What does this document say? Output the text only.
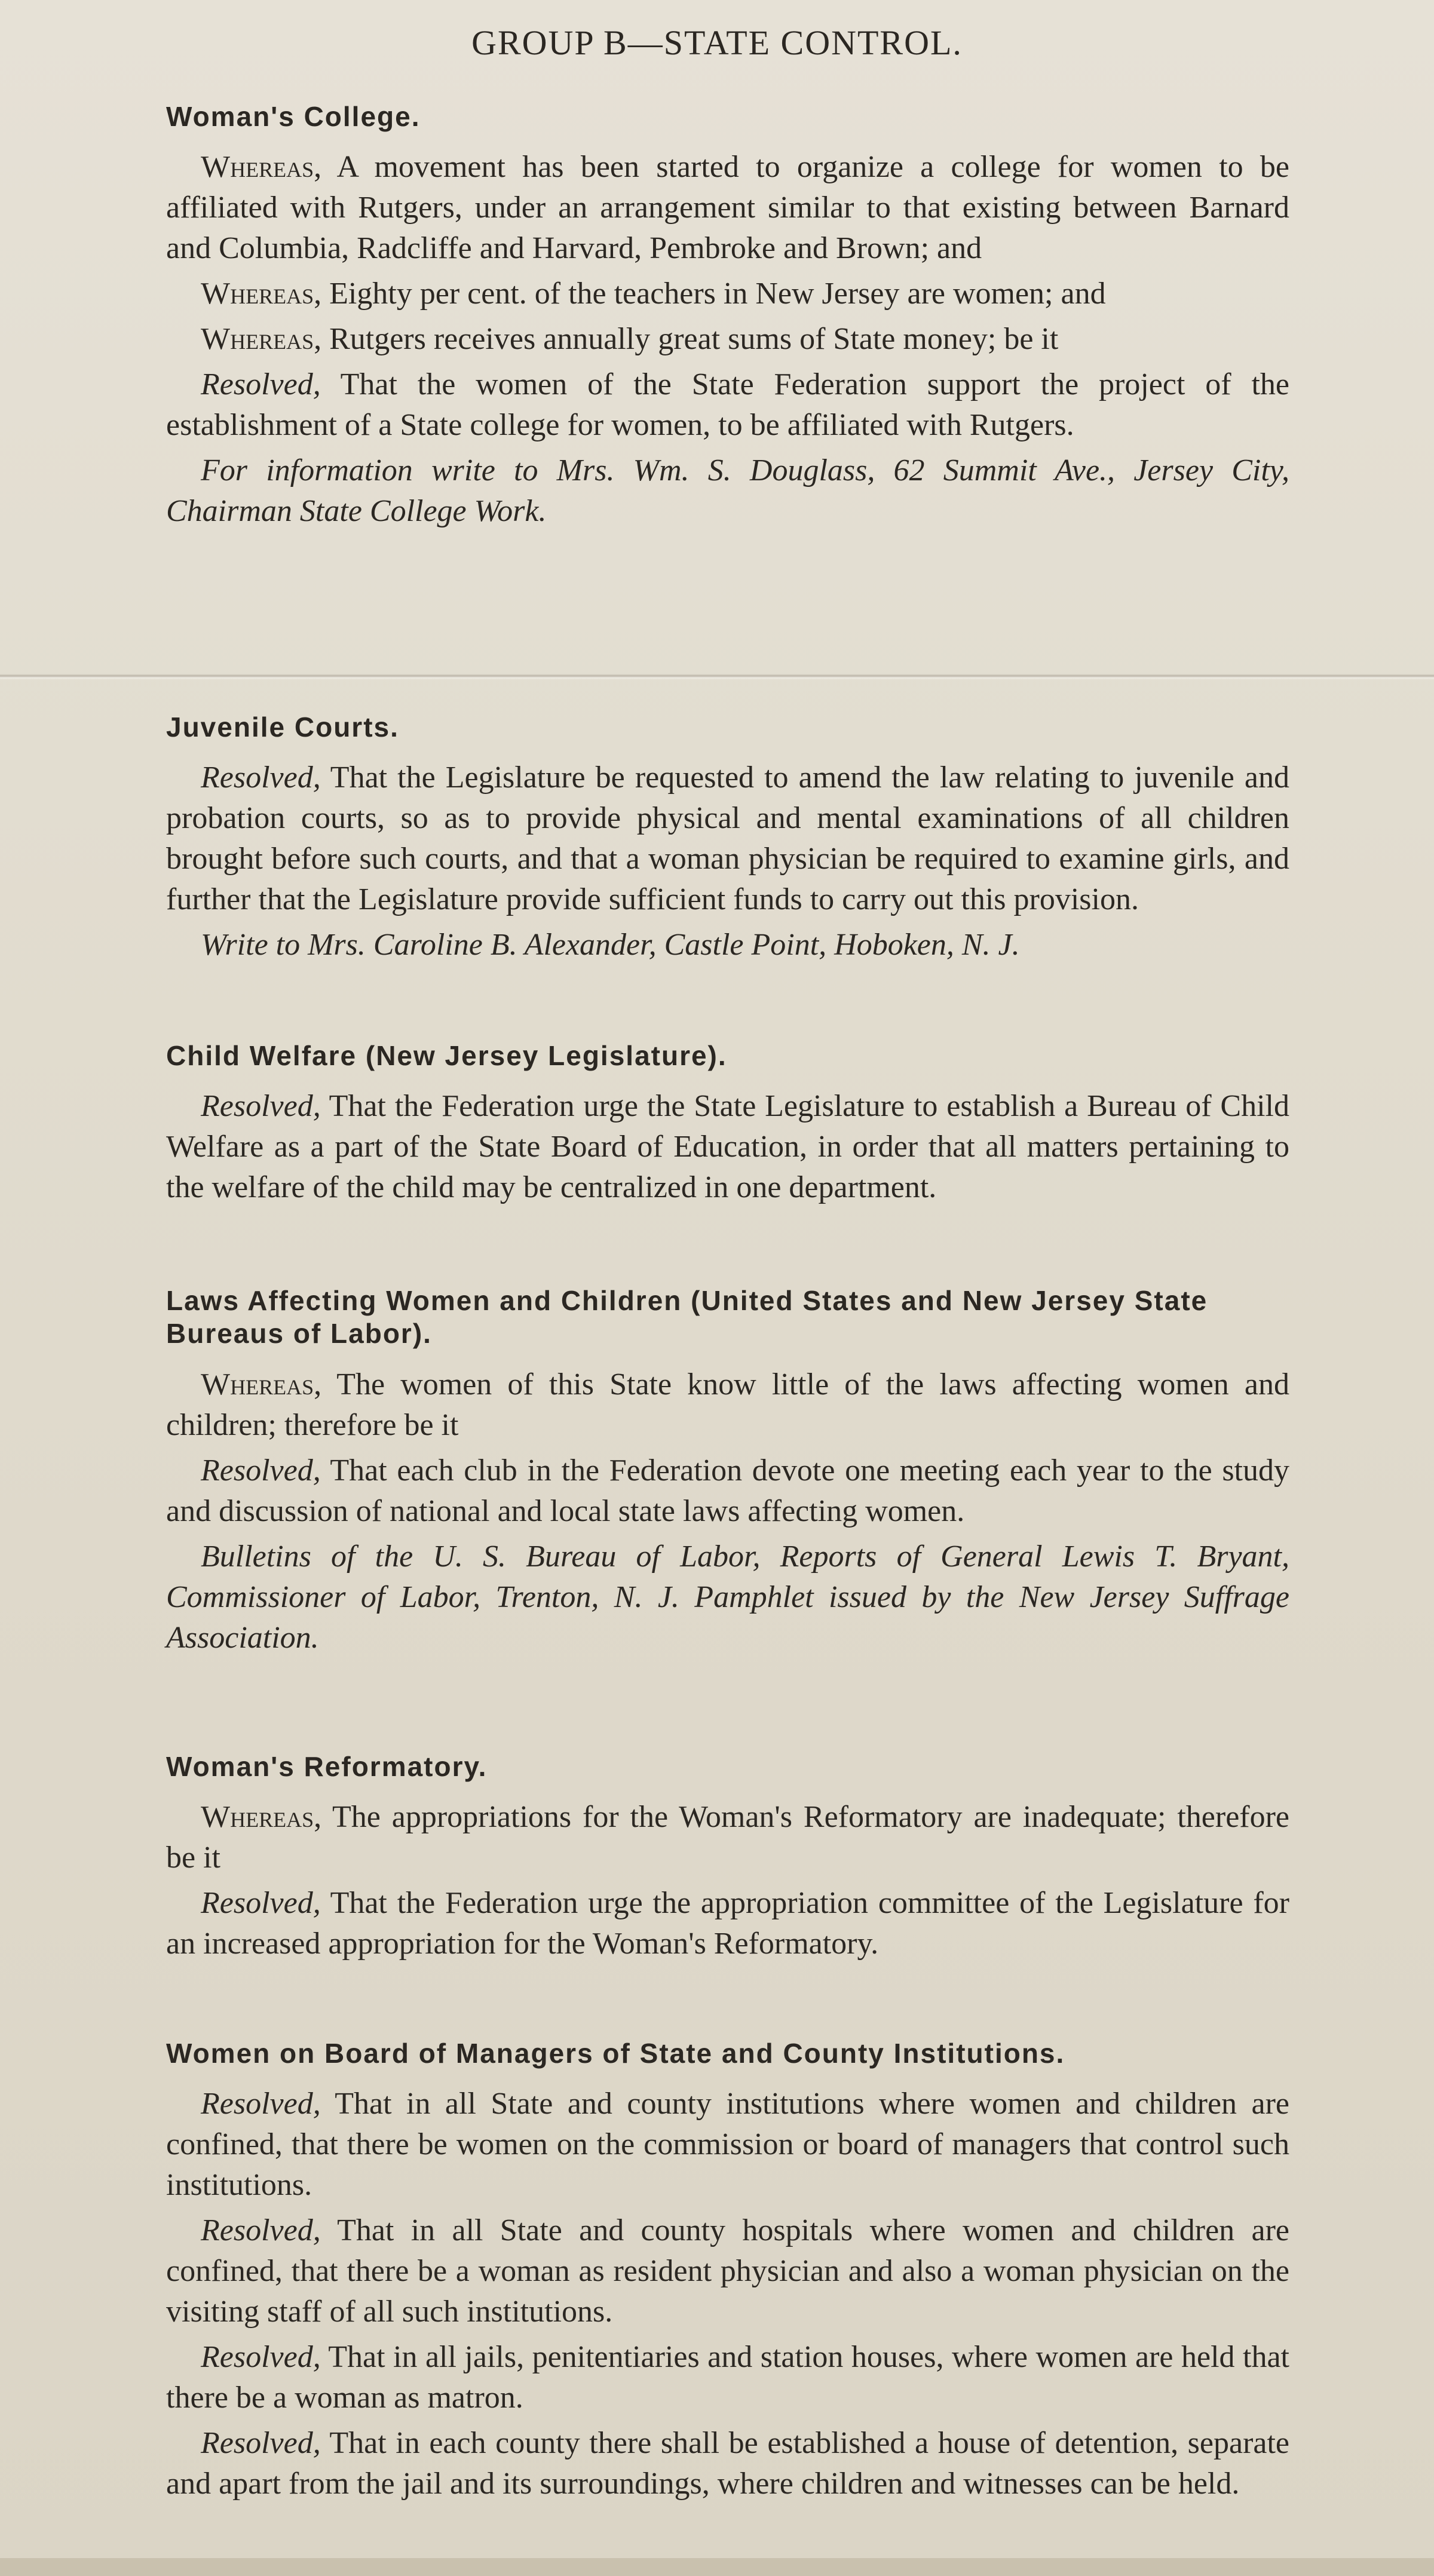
GROUP B—STATE CONTROL.
Woman's College.

Whereas, A movement has been started to organize a college for women to be affiliated with Rutgers, under an arrangement similar to that existing between Barnard and Columbia, Radcliffe and Harvard, Pembroke and Brown; and

Whereas, Eighty per cent. of the teachers in New Jersey are women; and

Whereas, Rutgers receives annually great sums of State money; be it

Resolved, That the women of the State Federation support the project of the establishment of a State college for women, to be affiliated with Rutgers.

For information write to Mrs. Wm. S. Douglass, 62 Summit Ave., Jersey City, Chairman State College Work.

Juvenile Courts.

Resolved, That the Legislature be requested to amend the law relating to juvenile and probation courts, so as to provide physical and mental examinations of all children brought before such courts, and that a woman physician be required to examine girls, and further that the Legislature provide sufficient funds to carry out this provision.

Write to Mrs. Caroline B. Alexander, Castle Point, Hoboken, N. J.

Child Welfare (New Jersey Legislature).

Resolved, That the Federation urge the State Legislature to establish a Bureau of Child Welfare as a part of the State Board of Education, in order that all matters pertaining to the welfare of the child may be centralized in one department.

Laws Affecting Women and Children (United States and New Jersey State Bureaus of Labor).

Whereas, The women of this State know little of the laws affecting women and children; therefore be it

Resolved, That each club in the Federation devote one meeting each year to the study and discussion of national and local state laws affecting women.

Bulletins of the U. S. Bureau of Labor, Reports of General Lewis T. Bryant, Commissioner of Labor, Trenton, N. J. Pamphlet issued by the New Jersey Suffrage Association.

Woman's Reformatory.

Whereas, The appropriations for the Woman's Reformatory are inadequate; therefore be it

Resolved, That the Federation urge the appropriation committee of the Legislature for an increased appropriation for the Woman's Reformatory.

Women on Board of Managers of State and County Institutions.

Resolved, That in all State and county institutions where women and children are confined, that there be women on the commission or board of managers that control such institutions.

Resolved, That in all State and county hospitals where women and children are confined, that there be a woman as resident physician and also a woman physician on the visiting staff of all such institutions.

Resolved, That in all jails, penitentiaries and station houses, where women are held that there be a woman as matron.

Resolved, That in each county there shall be established a house of detention, separate and apart from the jail and its surroundings, where children and witnesses can be held.
